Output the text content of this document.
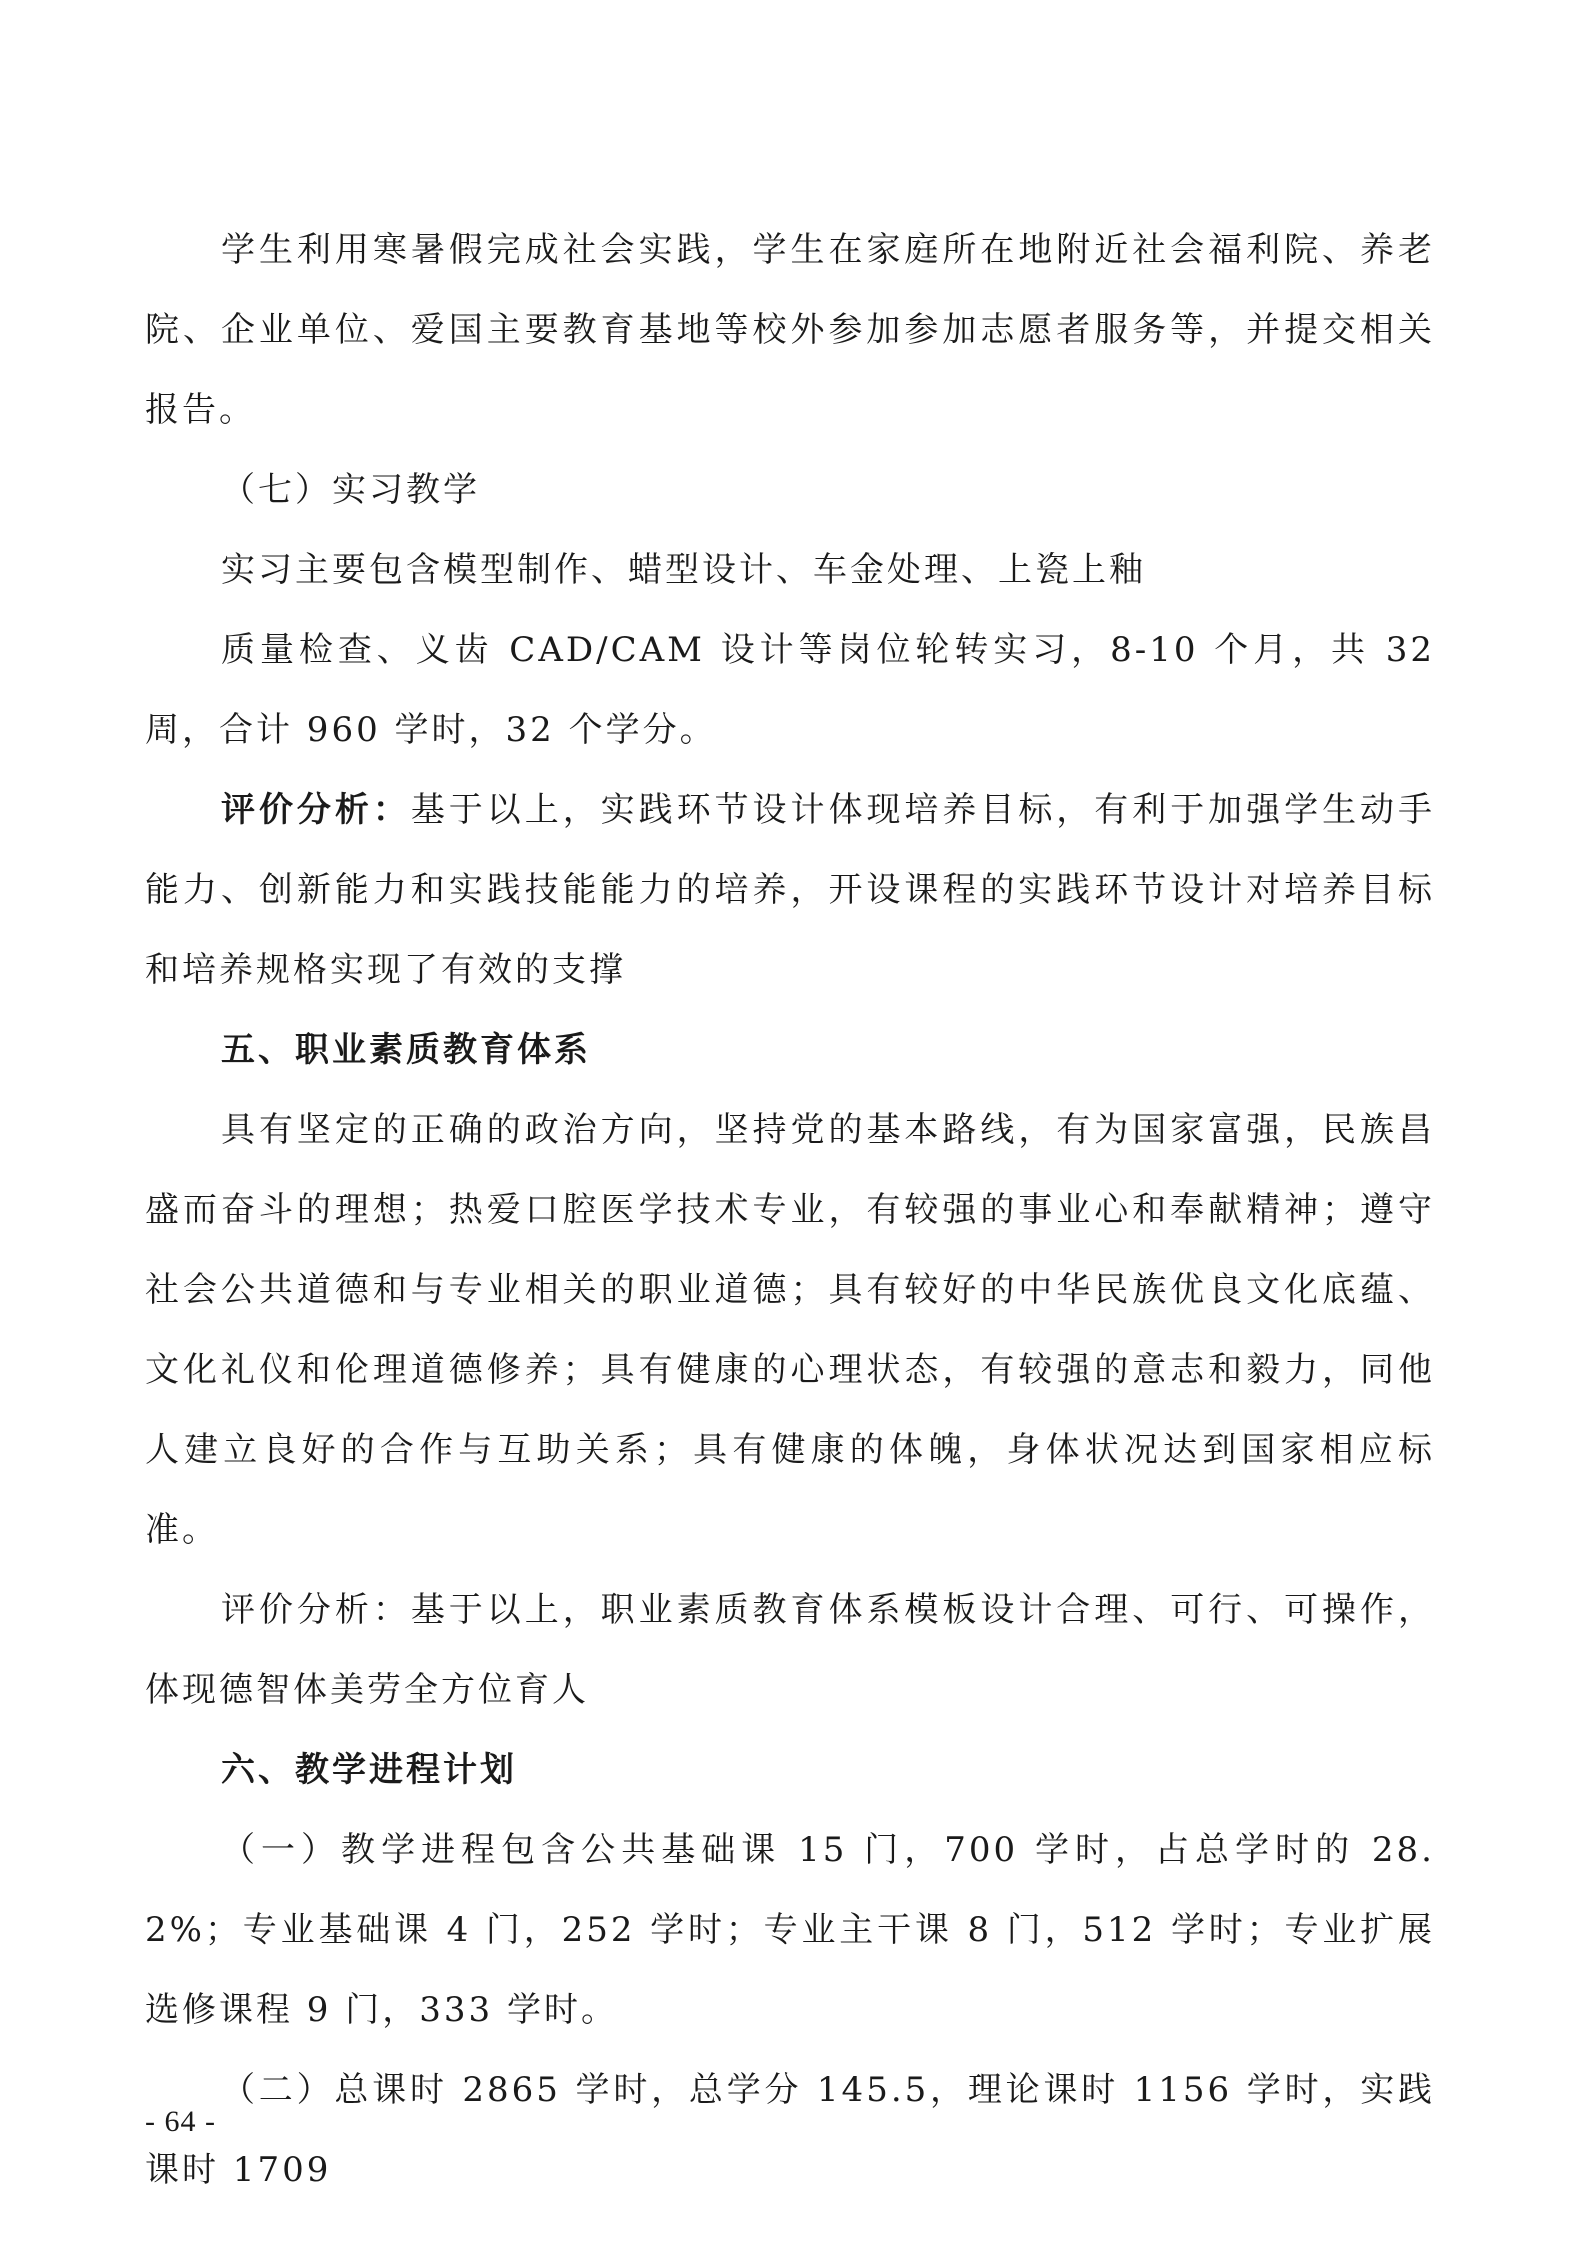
学生利用寒暑假完成社会实践，学生在家庭所在地附近社会福利院、养老院、企业单位、爱国主要教育基地等校外参加参加志愿者服务等，并提交相关报告。

（七）实习教学

实习主要包含模型制作、蜡型设计、车金处理、上瓷上釉

质量检查、义齿 CAD/CAM 设计等岗位轮转实习，8-10 个月，共 32 周，合计 960 学时，32 个学分。

评价分析：基于以上，实践环节设计体现培养目标，有利于加强学生动手能力、创新能力和实践技能能力的培养，开设课程的实践环节设计对培养目标和培养规格实现了有效的支撑

五、职业素质教育体系

具有坚定的正确的政治方向，坚持党的基本路线，有为国家富强，民族昌盛而奋斗的理想；热爱口腔医学技术专业，有较强的事业心和奉献精神；遵守社会公共道德和与专业相关的职业道德；具有较好的中华民族优良文化底蕴、文化礼仪和伦理道德修养；具有健康的心理状态，有较强的意志和毅力，同他人建立良好的合作与互助关系；具有健康的体魄，身体状况达到国家相应标准。

评价分析：基于以上，职业素质教育体系模板设计合理、可行、可操作，体现德智体美劳全方位育人

六、教学进程计划

（一）教学进程包含公共基础课 15 门，700 学时，占总学时的 28.2%；专业基础课 4 门，252 学时；专业主干课 8 门，512 学时；专业扩展选修课程 9 门，333 学时。

（二）总课时 2865 学时，总学分 145.5，理论课时 1156 学时，实践课时 1709

- 64 -
